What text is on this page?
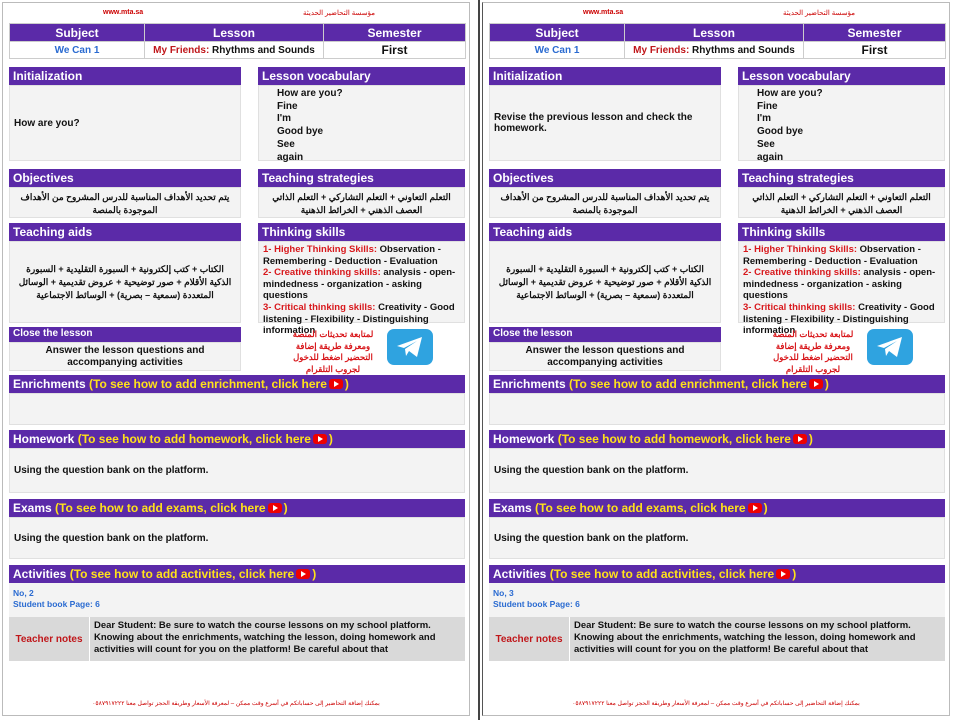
www.mta.sa	مؤسسة التحاضير الحديثة
Subject	Lesson	Semester
We Can 1	My Friends: Rhythms and Sounds	First
Initialization
How are you?
Lesson vocabulary
How are you?
Fine
I'm
Good bye
See
again
Objectives
يتم تحديد الأهداف المناسبة للدرس المشروح من الأهداف الموجودة بالمنصة
Teaching strategies
التعلم التعاوني + التعلم التشاركي + التعلم الذاتي العصف الذهني + الخرائط الذهنية
Teaching aids
الكتاب + كتب إلكترونية + السبورة التقليدية + السبورة الذكية الأقلام + صور توضيحية + عروض تقديمية + الوسائل المتعددة (سمعية – بصرية) + الوسائط الاجتماعية
Thinking skills
1- Higher Thinking Skills: Observation - Remembering - Deduction - Evaluation
2- Creative thinking skills: analysis - open-mindedness - organization - asking questions
3- Critical thinking skills: Creativity - Good listening - Flexibility - Distinguishing information
Close the lesson
Answer the lesson questions and accompanying activities
لمتابعة تحديثات المنصة ومعرفة طريقة إضافة التحضير اضغط للدخول لجروب التلقرام
Enrichments (To see how to add enrichment, click here )
Homework (To see how to add homework, click here )
Using the question bank on the platform.
Exams (To see how to add exams, click here )
Using the question bank on the platform.
Activities (To see how to add activities, click here )
No, 2
Student book Page: 6
Teacher notes
Dear Student: Be sure to watch the course lessons on my school platform. Knowing about the enrichments, watching the lesson, doing homework and activities will count for you on the platform! Be careful about that
بمكنك إضافة التحاضير إلى حساباتكم في أسرع وقت ممكن – لمعرفة الأسعار وطريقة الحجز تواصل معنا ٠٥٨٧٩١٧٢٢٢
www.mta.sa	مؤسسة التحاضير الحديثة
Subject	Lesson	Semester
We Can 1	My Friends: Rhythms and Sounds	First
Initialization
Revise the previous lesson and check the homework.
Lesson vocabulary
How are you?
Fine
I'm
Good bye
See
again
Objectives
يتم تحديد الأهداف المناسبة للدرس المشروح من الأهداف الموجودة بالمنصة
Teaching strategies
التعلم التعاوني + التعلم التشاركي + التعلم الذاتي العصف الذهني + الخرائط الذهنية
Teaching aids
الكتاب + كتب إلكترونية + السبورة التقليدية + السبورة الذكية الأقلام + صور توضيحية + عروض تقديمية + الوسائل المتعددة (سمعية – بصرية) + الوسائط الاجتماعية
Thinking skills
1- Higher Thinking Skills: Observation - Remembering - Deduction - Evaluation
2- Creative thinking skills: analysis - open-mindedness - organization - asking questions
3- Critical thinking skills: Creativity - Good listening - Flexibility - Distinguishing information
Close the lesson
Answer the lesson questions and accompanying activities
لمتابعة تحديثات المنصة ومعرفة طريقة إضافة التحضير اضغط للدخول لجروب التلقرام
Enrichments (To see how to add enrichment, click here )
Homework (To see how to add homework, click here )
Using the question bank on the platform.
Exams (To see how to add exams, click here )
Using the question bank on the platform.
Activities (To see how to add activities, click here )
No, 3
Student book Page: 6
Teacher notes
Dear Student: Be sure to watch the course lessons on my school platform. Knowing about the enrichments, watching the lesson, doing homework and activities will count for you on the platform! Be careful about that
بمكنك إضافة التحاضير إلى حساباتكم في أسرع وقت ممكن – لمعرفة الأسعار وطريقة الحجز تواصل معنا ٠٥٨٧٩١٧٢٢٢
